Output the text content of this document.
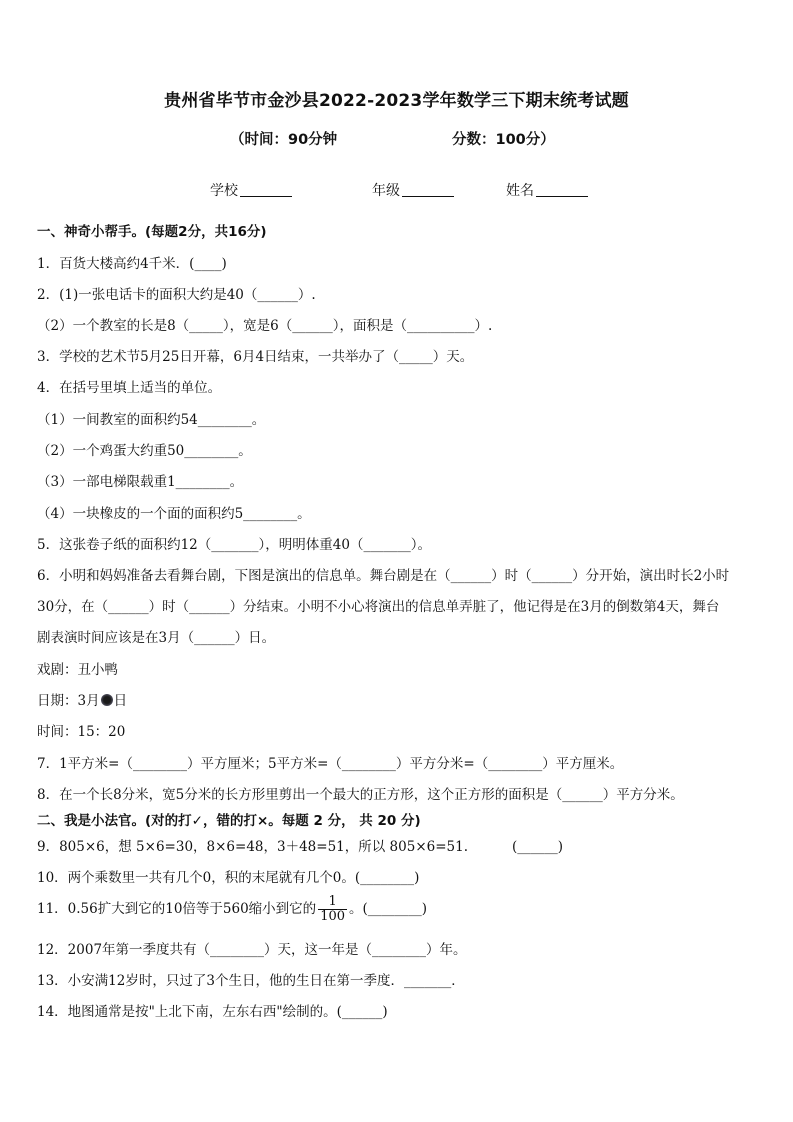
贵州省毕节市金沙县2022-2023学年数学三下期末统考试题
（时间：90分钟	分数：100分）
学校	年级	姓名
一、神奇小帮手。(每题2分，共16分)
1．百货大楼高约4千米．(____)
2．(1)一张电话卡的面积大约是40（______）.
（2）一个教室的长是8（_____），宽是6（______），面积是（__________）.
3．学校的艺术节5月25日开幕，6月4日结束，一共举办了（_____）天。
4．在括号里填上适当的单位。
（1）一间教室的面积约54________。
（2）一个鸡蛋大约重50________。
（3）一部电梯限载重1________。
（4）一块橡皮的一个面的面积约5________。
5．这张卷子纸的面积约12（_______），明明体重40（_______）。
6．小明和妈妈准备去看舞台剧，下图是演出的信息单。舞台剧是在（______）时（______）分开始，演出时长2小时
30分，在（______）时（______）分结束。小明不小心将演出的信息单弄脏了，他记得是在3月的倒数第4天，舞台
剧表演时间应该是在3月（______）日。
戏剧：丑小鸭
日期：3月 日
时间：15：20
7．1平方米=（________）平方厘米；5平方米=（________）平方分米=（________）平方厘米。
8．在一个长8分米，宽5分米的长方形里剪出一个最大的正方形，这个正方形的面积是（______）平方分米。
二、我是小法官。(对的打✓，错的打×。每题 2 分， 共 20 分)
9．805×6，想 5×6=30，8×6=48，3＋48=51，所以 805×6=51.	(______)
10．两个乘数里一共有几个0，积的末尾就有几个0。(________)
11．0.56扩大到它的10倍等于560缩小到它的 $\frac{1}{100}$ 。(________)
12．2007年第一季度共有（________）天，这一年是（________）年。
13．小安满12岁时，只过了3个生日，他的生日在第一季度．_______．
14．地图通常是按"上北下南，左东右西"绘制的。(______)
